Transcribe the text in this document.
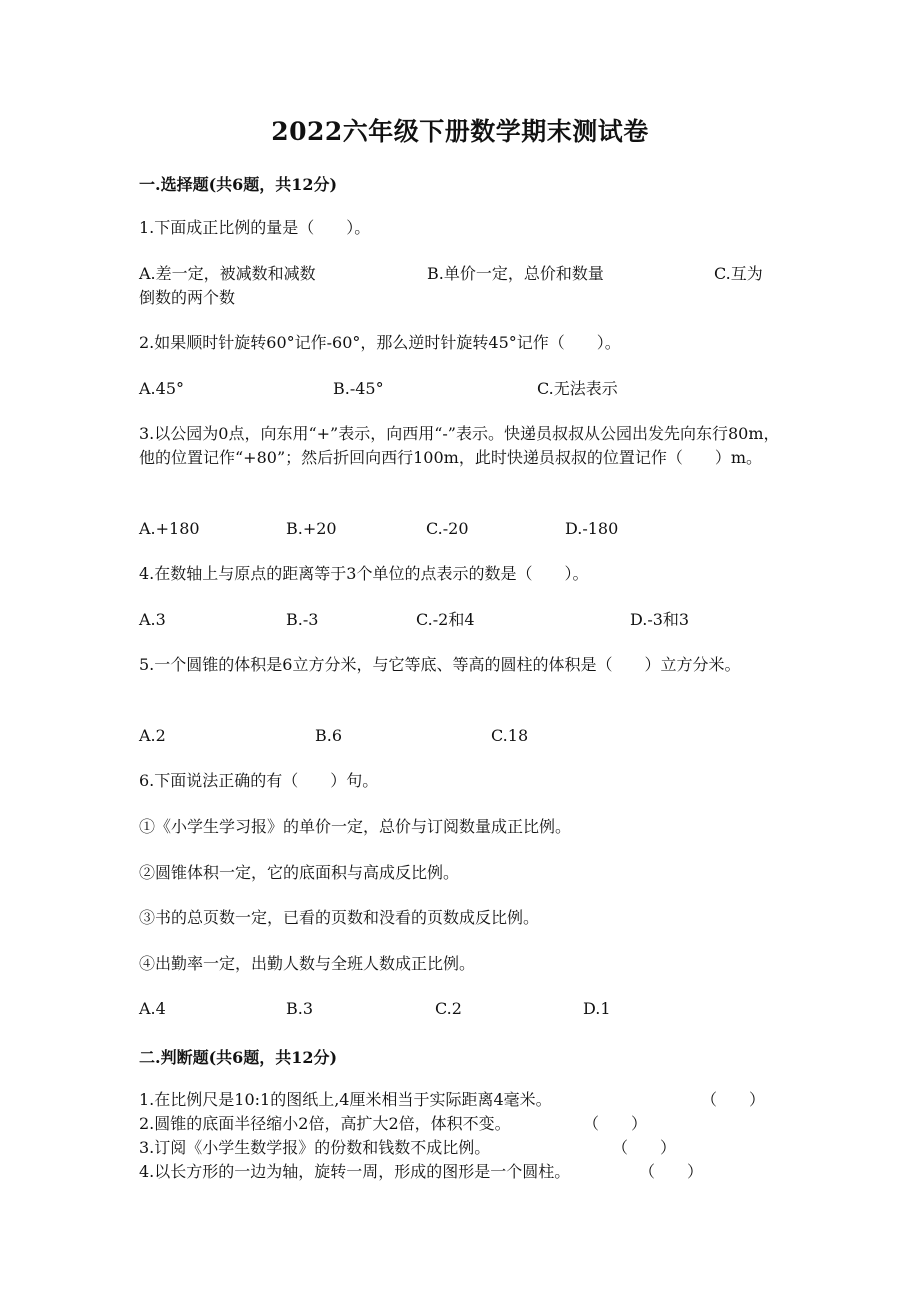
2022六年级下册数学期末测试卷
一.选择题(共6题，共12分)
1.下面成正比例的量是（　　）。
A.差一定，被减数和减数	B.单价一定，总价和数量	C.互为
倒数的两个数
2.如果顺时针旋转60°记作-60°，那么逆时针旋转45°记作（　　）。
A.45°	B.-45°	C.无法表示
3.以公园为0点，向东用“+”表示，向西用“-”表示。快递员叔叔从公园出发先向东行80m，他的位置记作“+80”；然后折回向西行100m，此时快递员叔叔的位置记作（　　）m。
A.+180	B.+20	C.-20	D.-180
4.在数轴上与原点的距离等于3个单位的点表示的数是（　　）。
A.3	B.-3	C.-2和4	D.-3和3
5.一个圆锥的体积是6立方分米，与它等底、等高的圆柱的体积是（　　）立方分米。
A.2	B.6	C.18
6.下面说法正确的有（　　）句。
①《小学生学习报》的单价一定，总价与订阅数量成正比例。
②圆锥体积一定，它的底面积与高成反比例。
③书的总页数一定，已看的页数和没看的页数成反比例。
④出勤率一定，出勤人数与全班人数成正比例。
A.4	B.3	C.2	D.1
二.判断题(共6题，共12分)
1.在比例尺是10:1的图纸上,4厘米相当于实际距离4毫米。	（　　）
2.圆锥的底面半径缩小2倍，高扩大2倍，体积不变。	（　　）
3.订阅《小学生数学报》的份数和钱数不成比例。	（　　）
4.以长方形的一边为轴，旋转一周，形成的图形是一个圆柱。	（　　）
